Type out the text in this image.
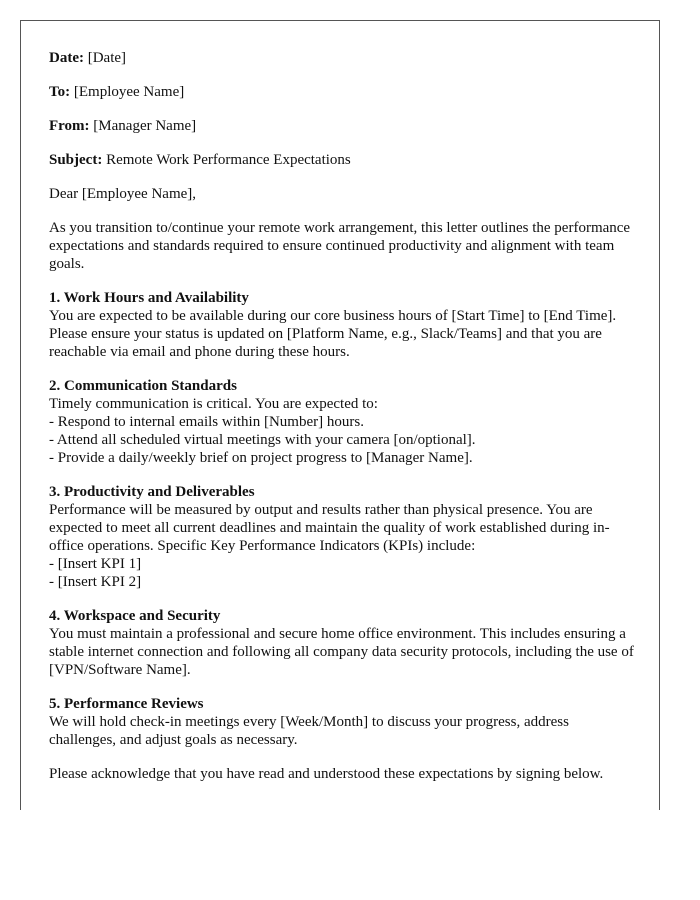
Date: [Date]

To: [Employee Name]

From: [Manager Name]

Subject: Remote Work Performance Expectations

Dear [Employee Name],

As you transition to/continue your remote work arrangement, this letter outlines the performance expectations and standards required to ensure continued productivity and alignment with team goals.

1. Work Hours and Availability
You are expected to be available during our core business hours of [Start Time] to [End Time]. Please ensure your status is updated on [Platform Name, e.g., Slack/Teams] and that you are reachable via email and phone during these hours.
2. Communication Standards
Timely communication is critical. You are expected to:
- Respond to internal emails within [Number] hours.
- Attend all scheduled virtual meetings with your camera [on/optional].
- Provide a daily/weekly brief on project progress to [Manager Name].
3. Productivity and Deliverables
Performance will be measured by output and results rather than physical presence. You are expected to meet all current deadlines and maintain the quality of work established during in-office operations. Specific Key Performance Indicators (KPIs) include:
- [Insert KPI 1]
- [Insert KPI 2]
4. Workspace and Security
You must maintain a professional and secure home office environment. This includes ensuring a stable internet connection and following all company data security protocols, including the use of [VPN/Software Name].
5. Performance Reviews
We will hold check-in meetings every [Week/Month] to discuss your progress, address challenges, and adjust goals as necessary.

Please acknowledge that you have read and understood these expectations by signing below.
